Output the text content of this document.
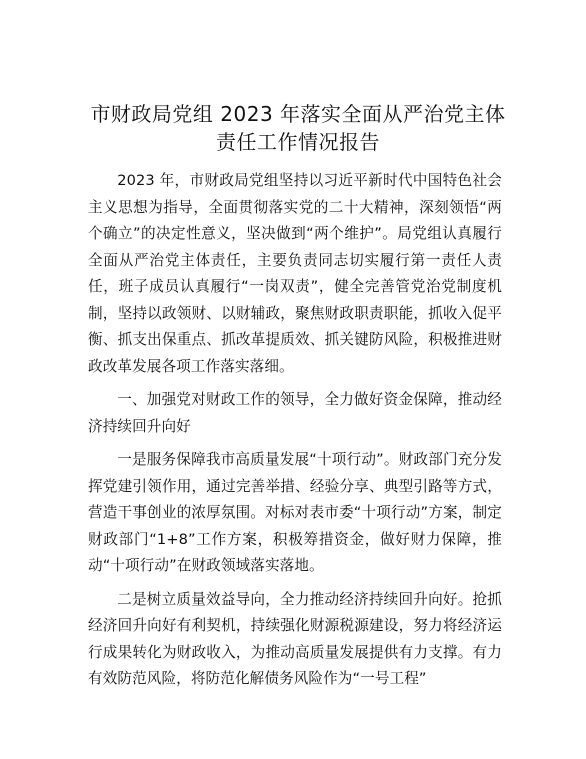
市财政局党组 2023 年落实全面从严治党主体责任工作情况报告

2023 年，市财政局党组坚持以习近平新时代中国特色社会主义思想为指导，全面贯彻落实党的二十大精神，深刻领悟“两个确立”的决定性意义，坚决做到“两个维护”。局党组认真履行全面从严治党主体责任，主要负责同志切实履行第一责任人责任，班子成员认真履行“一岗双责”，健全完善管党治党制度机制，坚持以政领财、以财辅政，聚焦财政职责职能，抓收入促平衡、抓支出保重点、抓改革提质效、抓关键防风险，积极推进财政改革发展各项工作落实落细。

一、加强党对财政工作的领导，全力做好资金保障，推动经济持续回升向好

一是服务保障我市高质量发展“十项行动”。财政部门充分发挥党建引领作用，通过完善举措、经验分享、典型引路等方式，营造干事创业的浓厚氛围。对标对表市委“十项行动”方案，制定财政部门“1+8”工作方案，积极筹措资金，做好财力保障，推动“十项行动”在财政领域落实落地。

二是树立质量效益导向，全力推动经济持续回升向好。抢抓经济回升向好有利契机，持续强化财源税源建设，努力将经济运行成果转化为财政收入，为推动高质量发展提供有力支撑。有力有效防范风险，将防范化解债务风险作为“一号工程”
